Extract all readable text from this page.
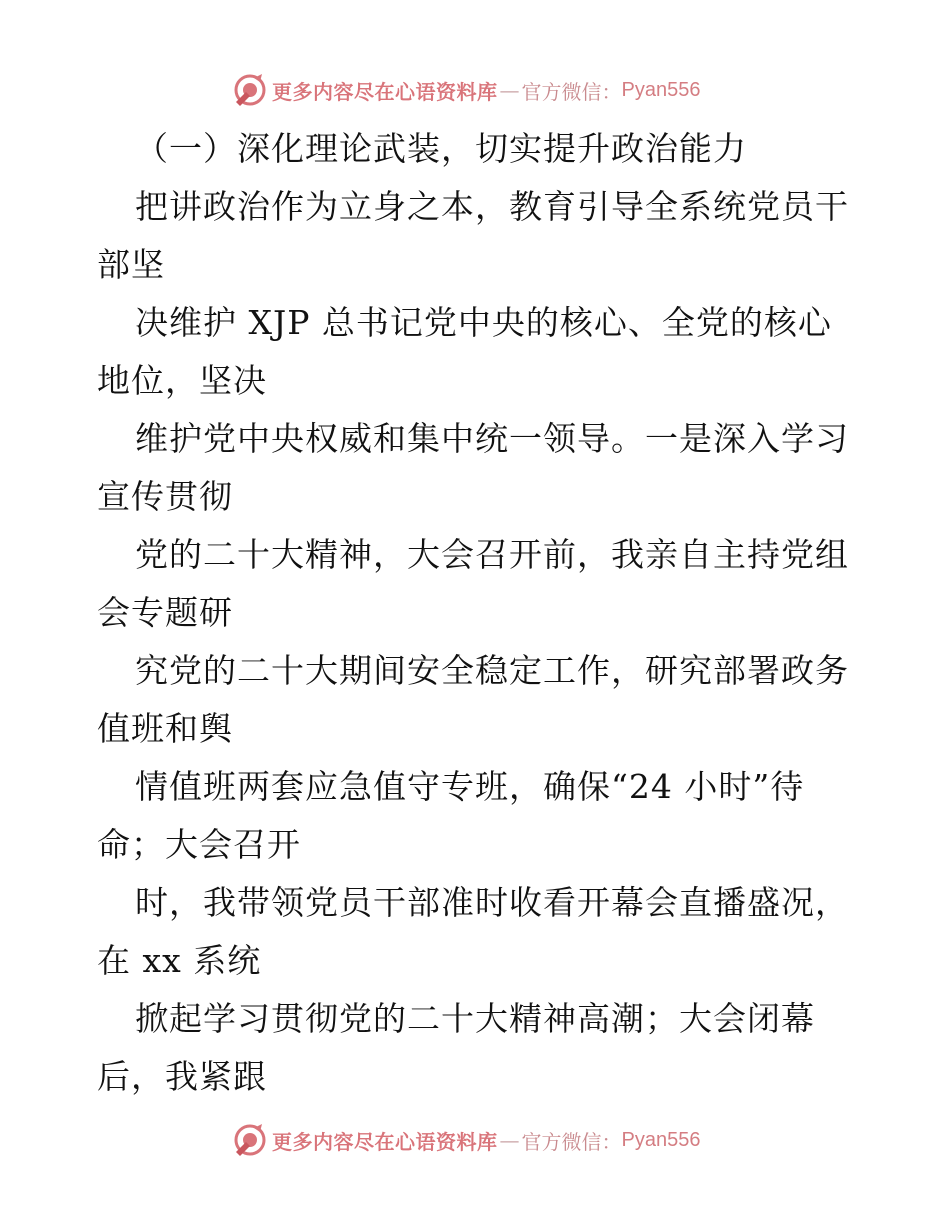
更多内容尽在心语资料库 — 官方微信： Pyan556
（一）深化理论武装，切实提升政治能力
把讲政治作为立身之本，教育引导全系统党员干
部坚
决维护 XJP 总书记党中央的核心、全党的核心
地位，坚决
维护党中央权威和集中统一领导。一是深入学习
宣传贯彻
党的二十大精神，大会召开前，我亲自主持党组
会专题研
究党的二十大期间安全稳定工作，研究部署政务
值班和舆
情值班两套应急值守专班，确保“24 小时”待
命；大会召开
时，我带领党员干部准时收看开幕会直播盛况，
在 xx 系统
掀起学习贯彻党的二十大精神高潮；大会闭幕
后，我紧跟
更多内容尽在心语资料库 — 官方微信： Pyan556
